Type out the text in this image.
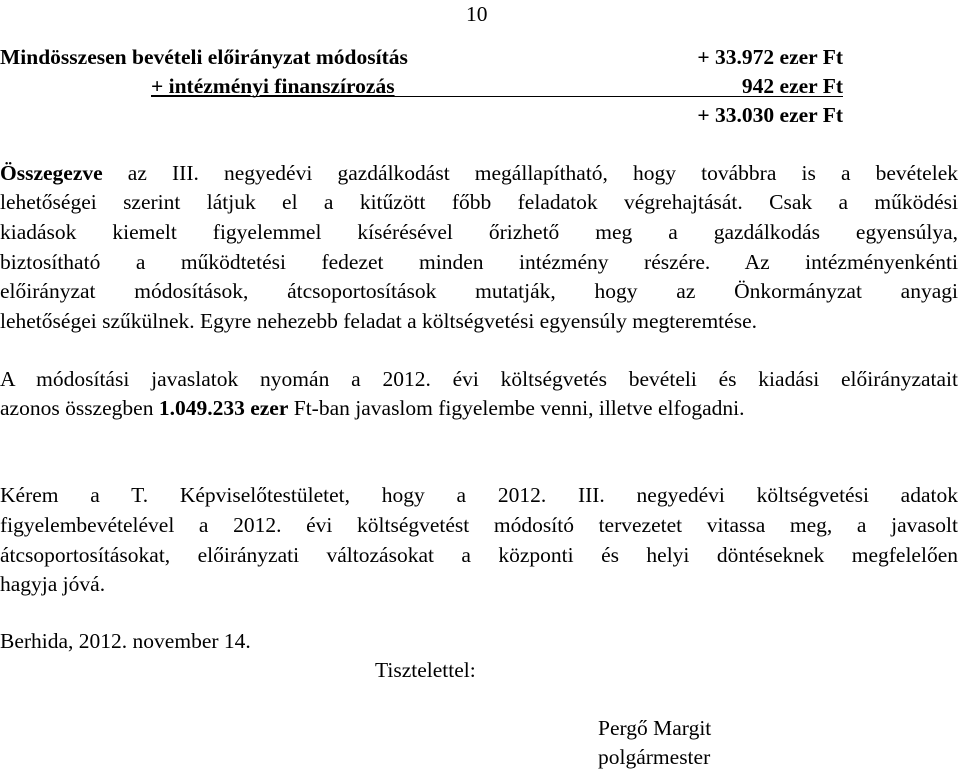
10
Mindösszesen bevételi előirányzat módosítás	+ 33.972 ezer Ft
+ intézményi finanszírozás	942 ezer Ft
+ 33.030 ezer Ft
Összegezve az III. negyedévi gazdálkodást megállapítható, hogy továbbra is a bevételek
lehetőségei szerint látjuk el a kitűzött főbb feladatok végrehajtását. Csak a működési
kiadások kiemelt figyelemmel kísérésével őrizhető meg a gazdálkodás egyensúlya,
biztosítható a működtetési fedezet minden intézmény részére. Az intézményenkénti
előirányzat módosítások, átcsoportosítások mutatják, hogy az Önkormányzat anyagi
lehetőségei szűkülnek. Egyre nehezebb feladat a költségvetési egyensúly megteremtése.
A módosítási javaslatok nyomán a 2012. évi költségvetés bevételi és kiadási előirányzatait
azonos összegben 1.049.233 ezer Ft-ban javaslom figyelembe venni, illetve elfogadni.
Kérem a T. Képviselőtestületet, hogy a 2012. III. negyedévi költségvetési adatok
figyelembevételével a 2012. évi költségvetést módosító tervezetet vitassa meg, a javasolt
átcsoportosításokat, előirányzati változásokat a központi és helyi döntéseknek megfelelően
hagyja jóvá.
Berhida, 2012. november 14.
Tisztelettel:
Pergő Margit
polgármester
